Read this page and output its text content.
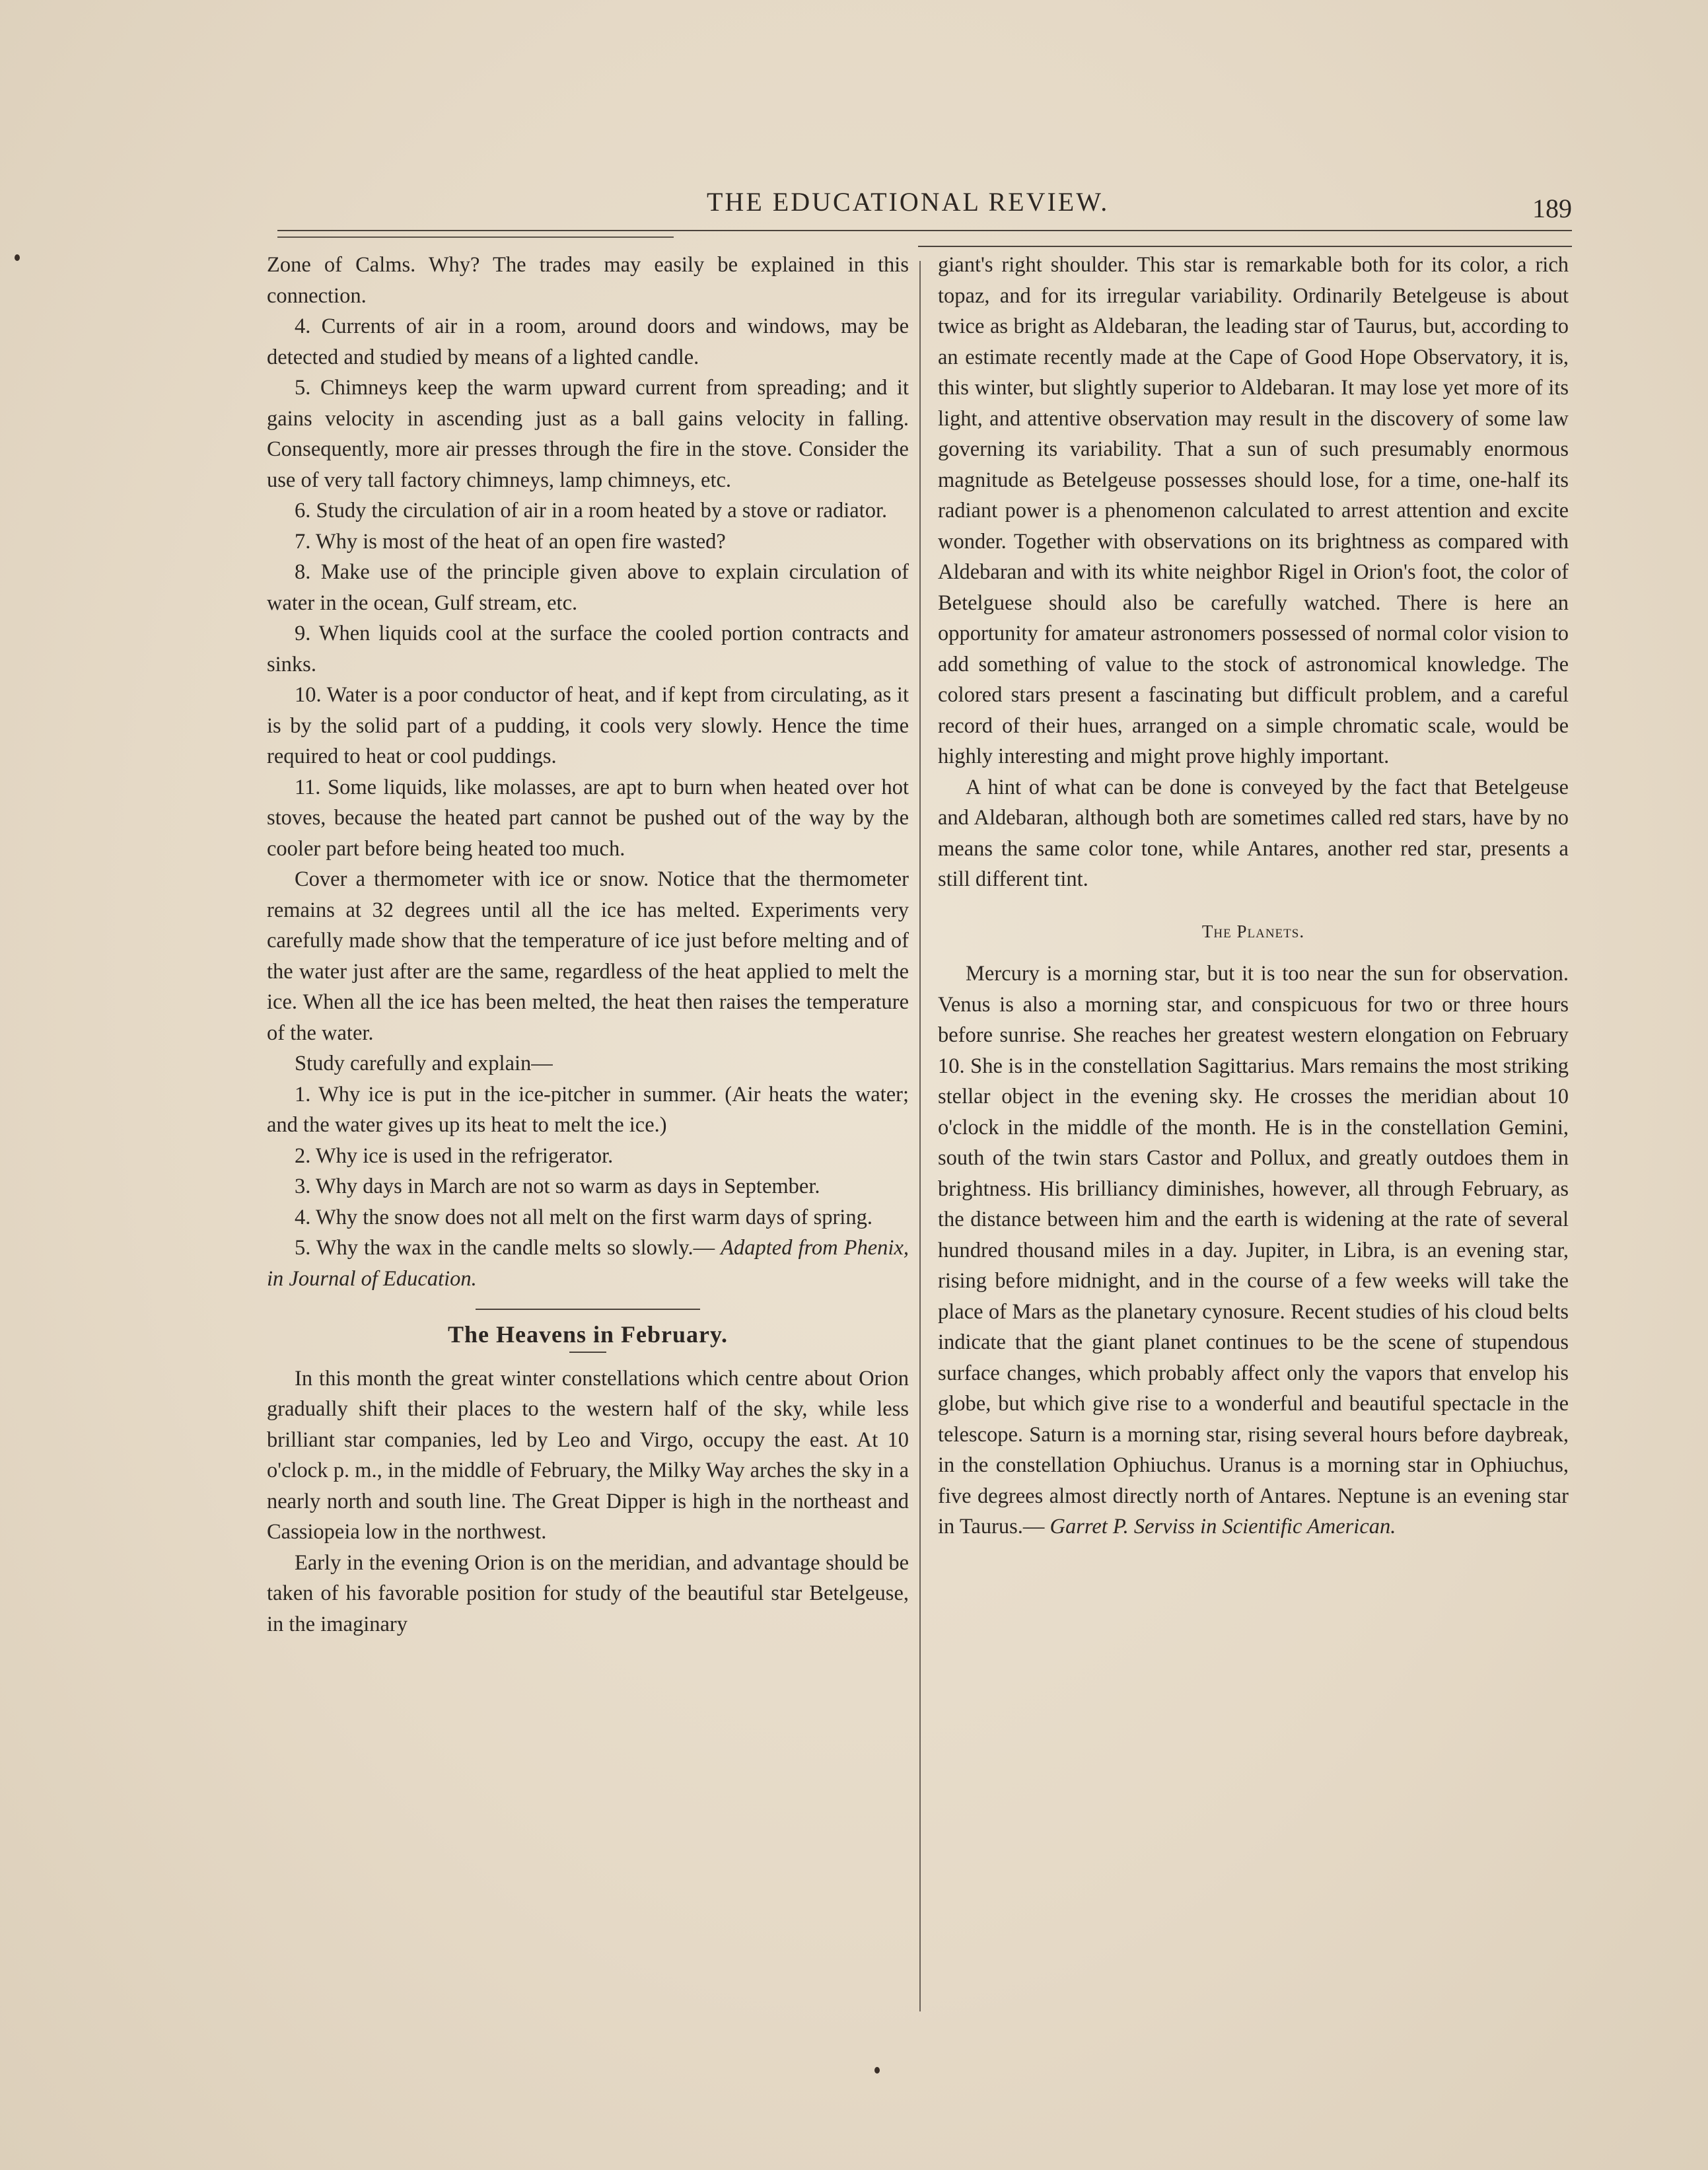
THE EDUCATIONAL REVIEW.	189

Zone of Calms. Why? The trades may easily be explained in this connection.

4. Currents of air in a room, around doors and windows, may be detected and studied by means of a lighted candle.

5. Chimneys keep the warm upward current from spreading; and it gains velocity in ascending just as a ball gains velocity in falling. Consequently, more air presses through the fire in the stove. Consider the use of very tall factory chimneys, lamp chimneys, etc.

6. Study the circulation of air in a room heated by a stove or radiator.

7. Why is most of the heat of an open fire wasted?

8. Make use of the principle given above to explain circulation of water in the ocean, Gulf stream, etc.

9. When liquids cool at the surface the cooled portion contracts and sinks.

10. Water is a poor conductor of heat, and if kept from circulating, as it is by the solid part of a pudding, it cools very slowly. Hence the time required to heat or cool puddings.

11. Some liquids, like molasses, are apt to burn when heated over hot stoves, because the heated part cannot be pushed out of the way by the cooler part before being heated too much.

Cover a thermometer with ice or snow. Notice that the thermometer remains at 32 degrees until all the ice has melted. Experiments very carefully made show that the temperature of ice just before melting and of the water just after are the same, regardless of the heat applied to melt the ice. When all the ice has been melted, the heat then raises the temperature of the water.

Study carefully and explain—

1. Why ice is put in the ice-pitcher in summer. (Air heats the water; and the water gives up its heat to melt the ice.)

2. Why ice is used in the refrigerator.

3. Why days in March are not so warm as days in September.

4. Why the snow does not all melt on the first warm days of spring.

5. Why the wax in the candle melts so slowly.— Adapted from Phenix, in Journal of Education.

The Heavens in February.

In this month the great winter constellations which centre about Orion gradually shift their places to the western half of the sky, while less brilliant star companies, led by Leo and Virgo, occupy the east. At 10 o'clock p. m., in the middle of February, the Milky Way arches the sky in a nearly north and south line. The Great Dipper is high in the northeast and Cassiopeia low in the northwest.

Early in the evening Orion is on the meridian, and advantage should be taken of his favorable position for study of the beautiful star Betelgeuse, in the imaginary

giant's right shoulder. This star is remarkable both for its color, a rich topaz, and for its irregular variability. Ordinarily Betelgeuse is about twice as bright as Aldebaran, the leading star of Taurus, but, according to an estimate recently made at the Cape of Good Hope Observatory, it is, this winter, but slightly superior to Aldebaran. It may lose yet more of its light, and attentive observation may result in the discovery of some law governing its variability. That a sun of such presumably enormous magnitude as Betelgeuse possesses should lose, for a time, one-half its radiant power is a phenomenon calculated to arrest attention and excite wonder. Together with observations on its brightness as compared with Aldebaran and with its white neighbor Rigel in Orion's foot, the color of Betelguese should also be carefully watched. There is here an opportunity for amateur astronomers possessed of normal color vision to add something of value to the stock of astronomical knowledge. The colored stars present a fascinating but difficult problem, and a careful record of their hues, arranged on a simple chromatic scale, would be highly interesting and might prove highly important.

A hint of what can be done is conveyed by the fact that Betelgeuse and Aldebaran, although both are sometimes called red stars, have by no means the same color tone, while Antares, another red star, presents a still different tint.

The Planets.

Mercury is a morning star, but it is too near the sun for observation. Venus is also a morning star, and conspicuous for two or three hours before sunrise. She reaches her greatest western elongation on February 10. She is in the constellation Sagittarius. Mars remains the most striking stellar object in the evening sky. He crosses the meridian about 10 o'clock in the middle of the month. He is in the constellation Gemini, south of the twin stars Castor and Pollux, and greatly outdoes them in brightness. His brilliancy diminishes, however, all through February, as the distance between him and the earth is widening at the rate of several hundred thousand miles in a day. Jupiter, in Libra, is an evening star, rising before midnight, and in the course of a few weeks will take the place of Mars as the planetary cynosure. Recent studies of his cloud belts indicate that the giant planet continues to be the scene of stupendous surface changes, which probably affect only the vapors that envelop his globe, but which give rise to a wonderful and beautiful spectacle in the telescope. Saturn is a morning star, rising several hours before daybreak, in the constellation Ophiuchus. Uranus is a morning star in Ophiuchus, five degrees almost directly north of Antares. Neptune is an evening star in Taurus.— Garret P. Serviss in Scientific American.
